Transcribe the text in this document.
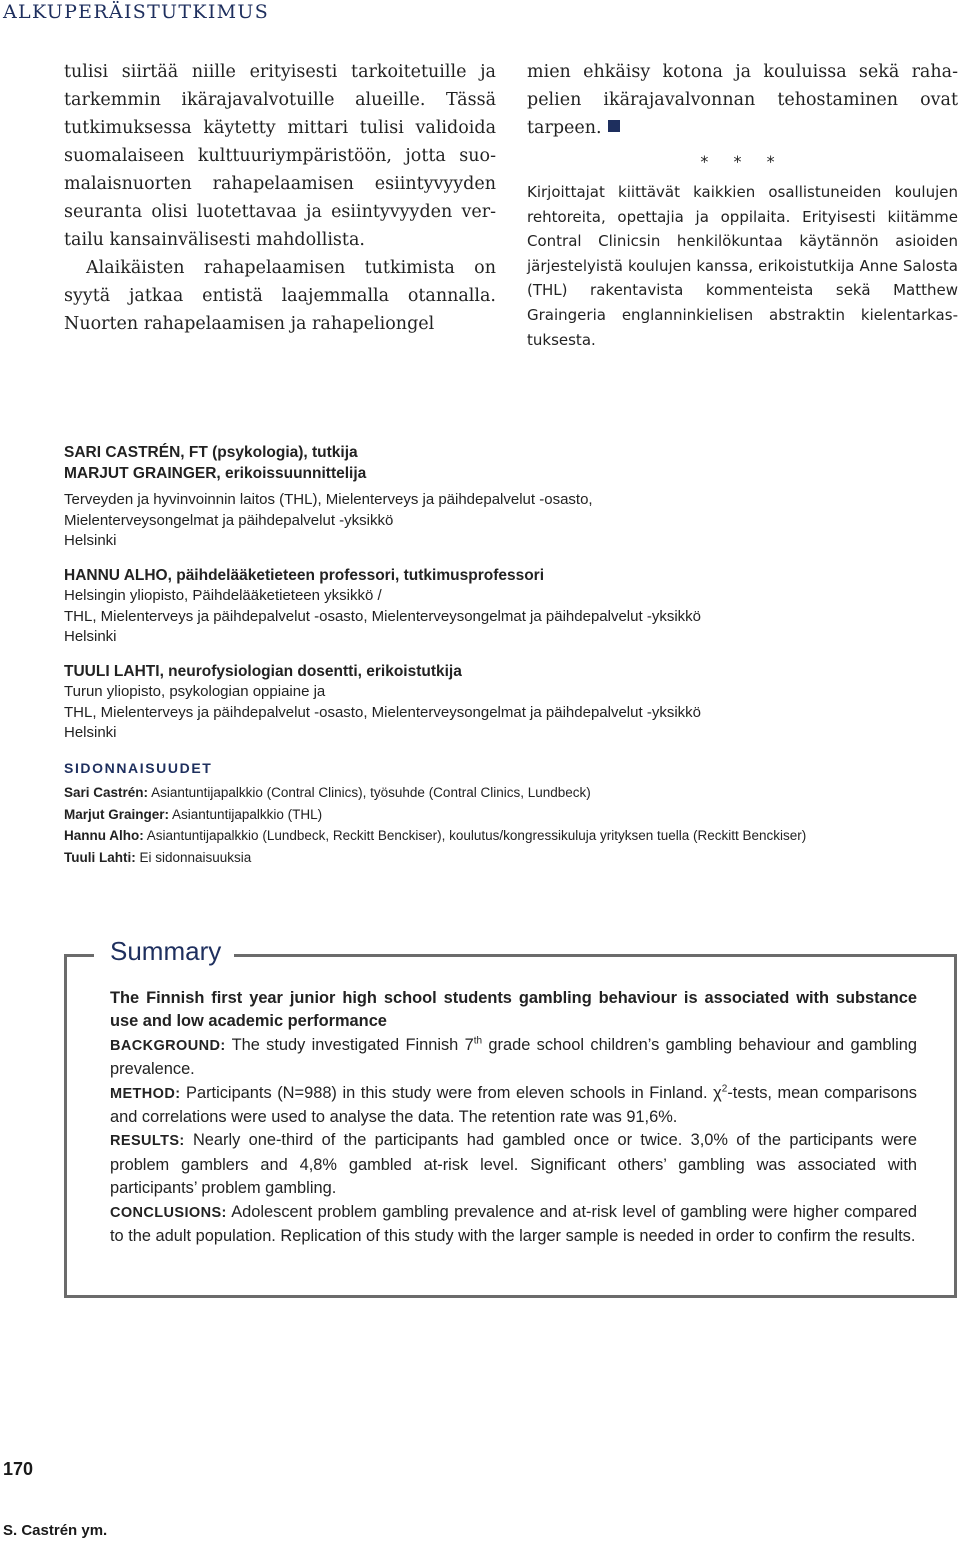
ALKUPERÄISTUTKIMUS

tulisi siirtää niille erityisesti tarkoitetuille ja tarkemmin ikärajavalvotuille alueille. Tässä tutkimuksessa käytetty mittari tulisi validoida suomalaiseen kulttuuriympäristöön, jotta suomalaisnuorten rahapelaamisen esiintyvyyden seuranta olisi luotettavaa ja esiintyvyyden vertailu kansainvälisesti mahdollista.

Alaikäisten rahapelaamisen tutkimista on syytä jatkaa entistä laajemmalla otannalla. Nuorten rahapelaamisen ja rahapeliongel

mien ehkäisy kotona ja kouluissa sekä rahapelien ikärajavalvonnan tehostaminen ovat tarpeen.

* * *

Kirjoittajat kiittävät kaikkien osallistuneiden koulujen rehtoreita, opettajia ja oppilaita. Erityisesti kiitämme Contral Clinicsin henkilökuntaa käytännön asioiden järjestelyistä koulujen kanssa, erikoistutkija Anne Salosta (THL) rakentavista kommenteista sekä Matthew Graingeria englanninkielisen abstraktin kielentarkastuksesta.

SARI CASTRÉN, FT (psykologia), tutkija
MARJUT GRAINGER, erikoissuunnittelija
Terveyden ja hyvinvoinnin laitos (THL), Mielenterveys ja päihdepalvelut -osasto,
Mielenterveysongelmat ja päihdepalvelut -yksikkö
Helsinki
HANNU ALHO, päihdelääketieteen professori, tutkimusprofessori
Helsingin yliopisto, Päihdelääketieteen yksikkö /
THL, Mielenterveys ja päihdepalvelut -osasto, Mielenterveysongelmat ja päihdepalvelut -yksikkö
Helsinki
TUULI LAHTI, neurofysiologian dosentti, erikoistutkija
Turun yliopisto, psykologian oppiaine ja
THL, Mielenterveys ja päihdepalvelut -osasto, Mielenterveysongelmat ja päihdepalvelut -yksikkö
Helsinki
SIDONNAISUUDET
Sari Castrén: Asiantuntijapalkkio (Contral Clinics), työsuhde (Contral Clinics, Lundbeck)
Marjut Grainger: Asiantuntijapalkkio (THL)
Hannu Alho: Asiantuntijapalkkio (Lundbeck, Reckitt Benckiser), koulutus/kongressikuluja yrityksen tuella (Reckitt Benckiser)
Tuuli Lahti: Ei sidonnaisuuksia
Summary

The Finnish first year junior high school students gambling behaviour is associated with substance use and low academic performance

BACKGROUND: The study investigated Finnish 7th grade school children’s gambling behaviour and gambling prevalence.

METHOD: Participants (N=988) in this study were from eleven schools in Finland. $\chi^2$-tests, mean comparisons and correlations were used to analyse the data. The retention rate was 91,6%.

RESULTS: Nearly one-third of the participants had gambled once or twice. 3,0% of the participants were problem gamblers and 4,8% gambled at-risk level. Significant others’ gambling was associated with participants’ problem gambling.

CONCLUSIONS: Adolescent problem gambling prevalence and at-risk level of gambling were higher compared to the adult population. Replication of this study with the larger sample is needed in order to confirm the results.

170
S. Castrén ym.
